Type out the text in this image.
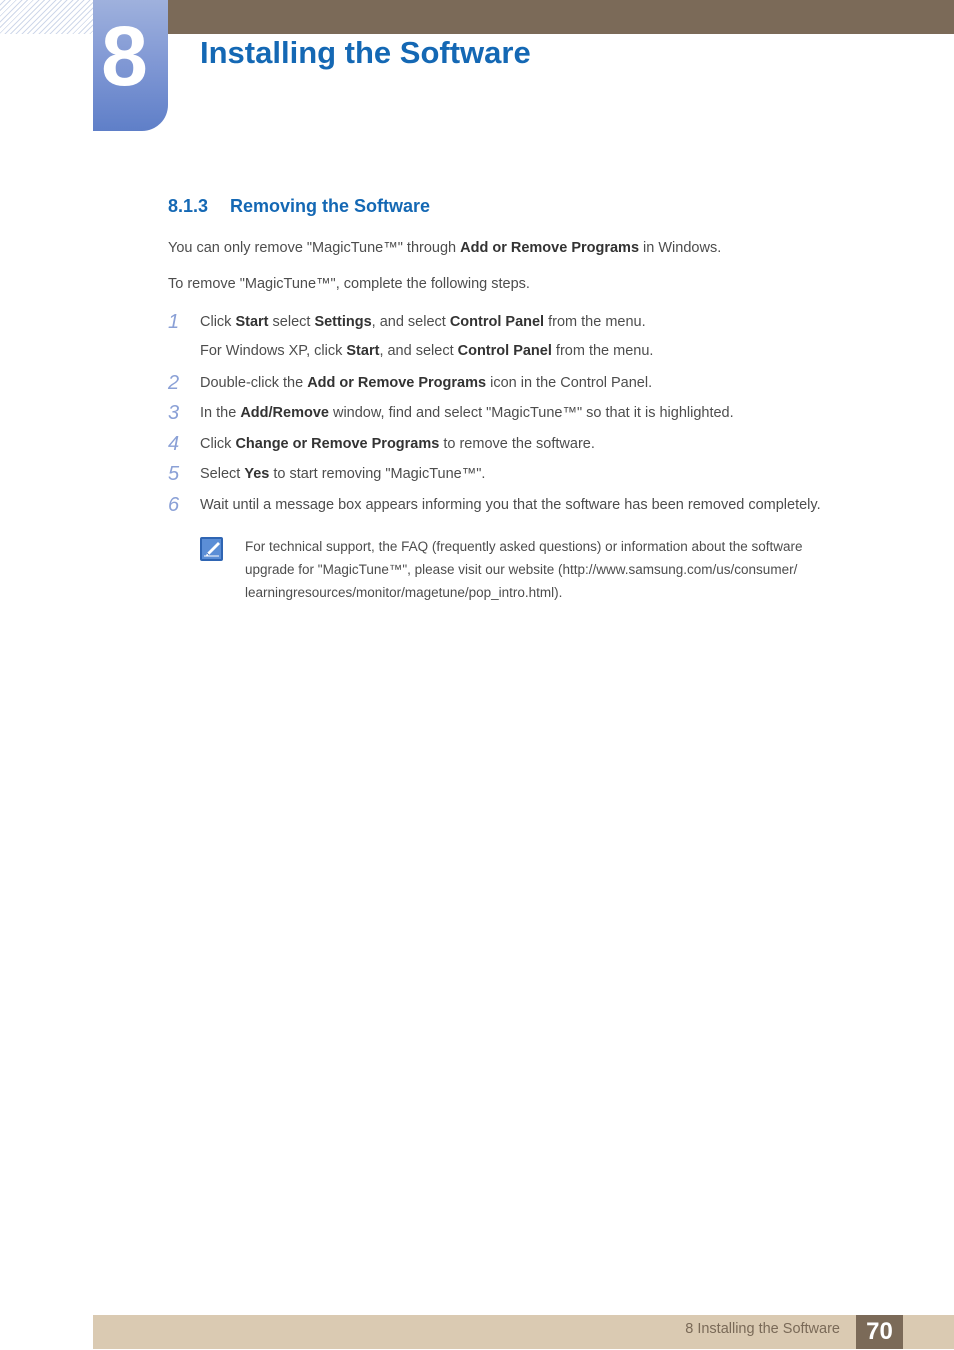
8 Installing the Software
8.1.3 Removing the Software

You can only remove "MagicTune™" through Add or Remove Programs in Windows.

To remove "MagicTune™", complete the following steps.

1 Click Start select Settings, and select Control Panel from the menu.

For Windows XP, click Start, and select Control Panel from the menu.

2 Double-click the Add or Remove Programs icon in the Control Panel.

3 In the Add/Remove window, find and select "MagicTune™" so that it is highlighted.

4 Click Change or Remove Programs to remove the software.

5 Select Yes to start removing "MagicTune™".

6 Wait until a message box appears informing you that the software has been removed completely.

For technical support, the FAQ (frequently asked questions) or information about the software
upgrade for "MagicTune™", please visit our website (http://www.samsung.com/us/consumer/
learningresources/monitor/magetune/pop_intro.html).

8 Installing the Software	70
